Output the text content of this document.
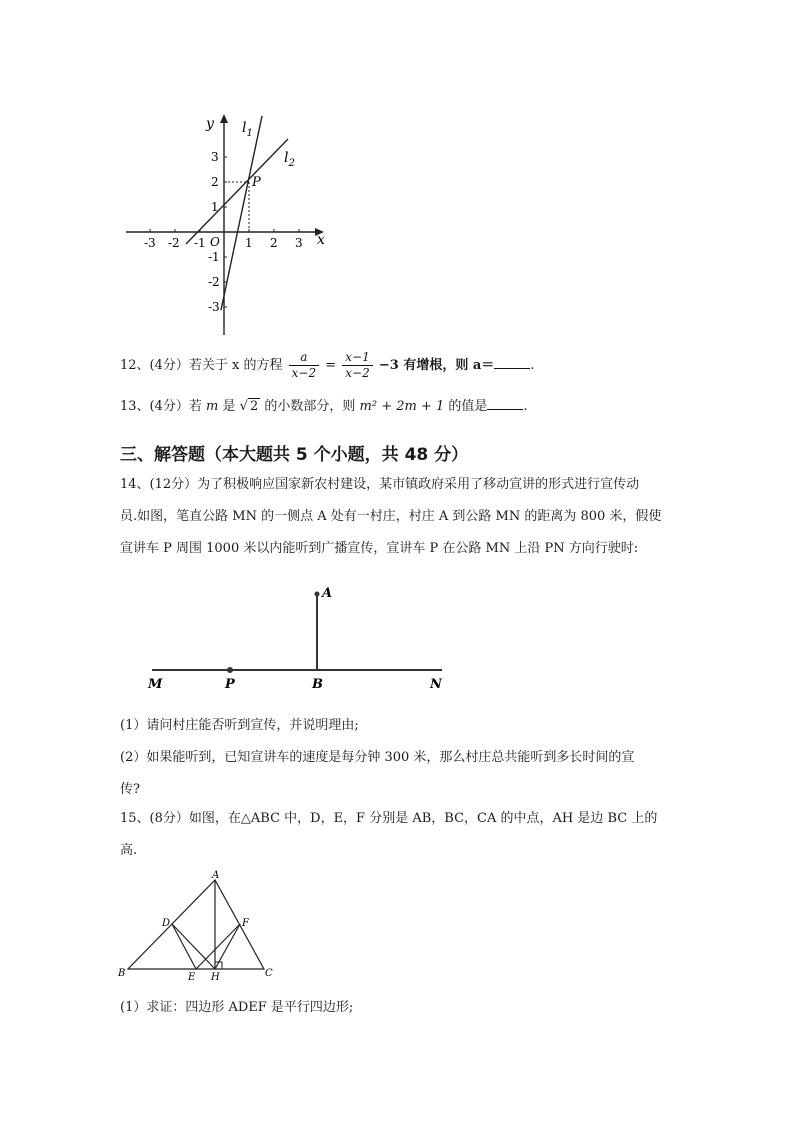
y
x
O
P
$l_1$
$l_2$
-3 -2 -1	1 2 3
3
2
1
-1
-2
-3
12、(4分）若关于 x 的方程 $\frac{a}{x-2} = \frac{x-1}{x-2} -3$ 有增根，则 a＝	.
13、(4分）若 m 是 √ 2 的小数部分，则 m² + 2m + 1 的值是	.
三、解答题（本大题共 5 个小题，共 48 分）
14、(12分）为了积极响应国家新农村建设，某市镇政府采用了移动宣讲的形式进行宣传动
员.如图，笔直公路 MN 的一侧点 A 处有一村庄，村庄 A 到公路 MN 的距离为 800 米，假使
宣讲车 P 周围 1000 米以内能听到广播宣传，宣讲车 P 在公路 MN 上沿 PN 方向行驶时:
A
M	P	B	N
(1）请问村庄能否听到宣传，并说明理由;
(2）如果能听到，已知宣讲车的速度是每分钟 300 米，那么村庄总共能听到多长时间的宣
传?
15、(8分）如图，在△ABC 中，D，E，F 分别是 AB，BC，CA 的中点，AH 是边 BC 上的
高.
A
B	C
D
E
F
H
(1）求证：四边形 ADEF 是平行四边形;
